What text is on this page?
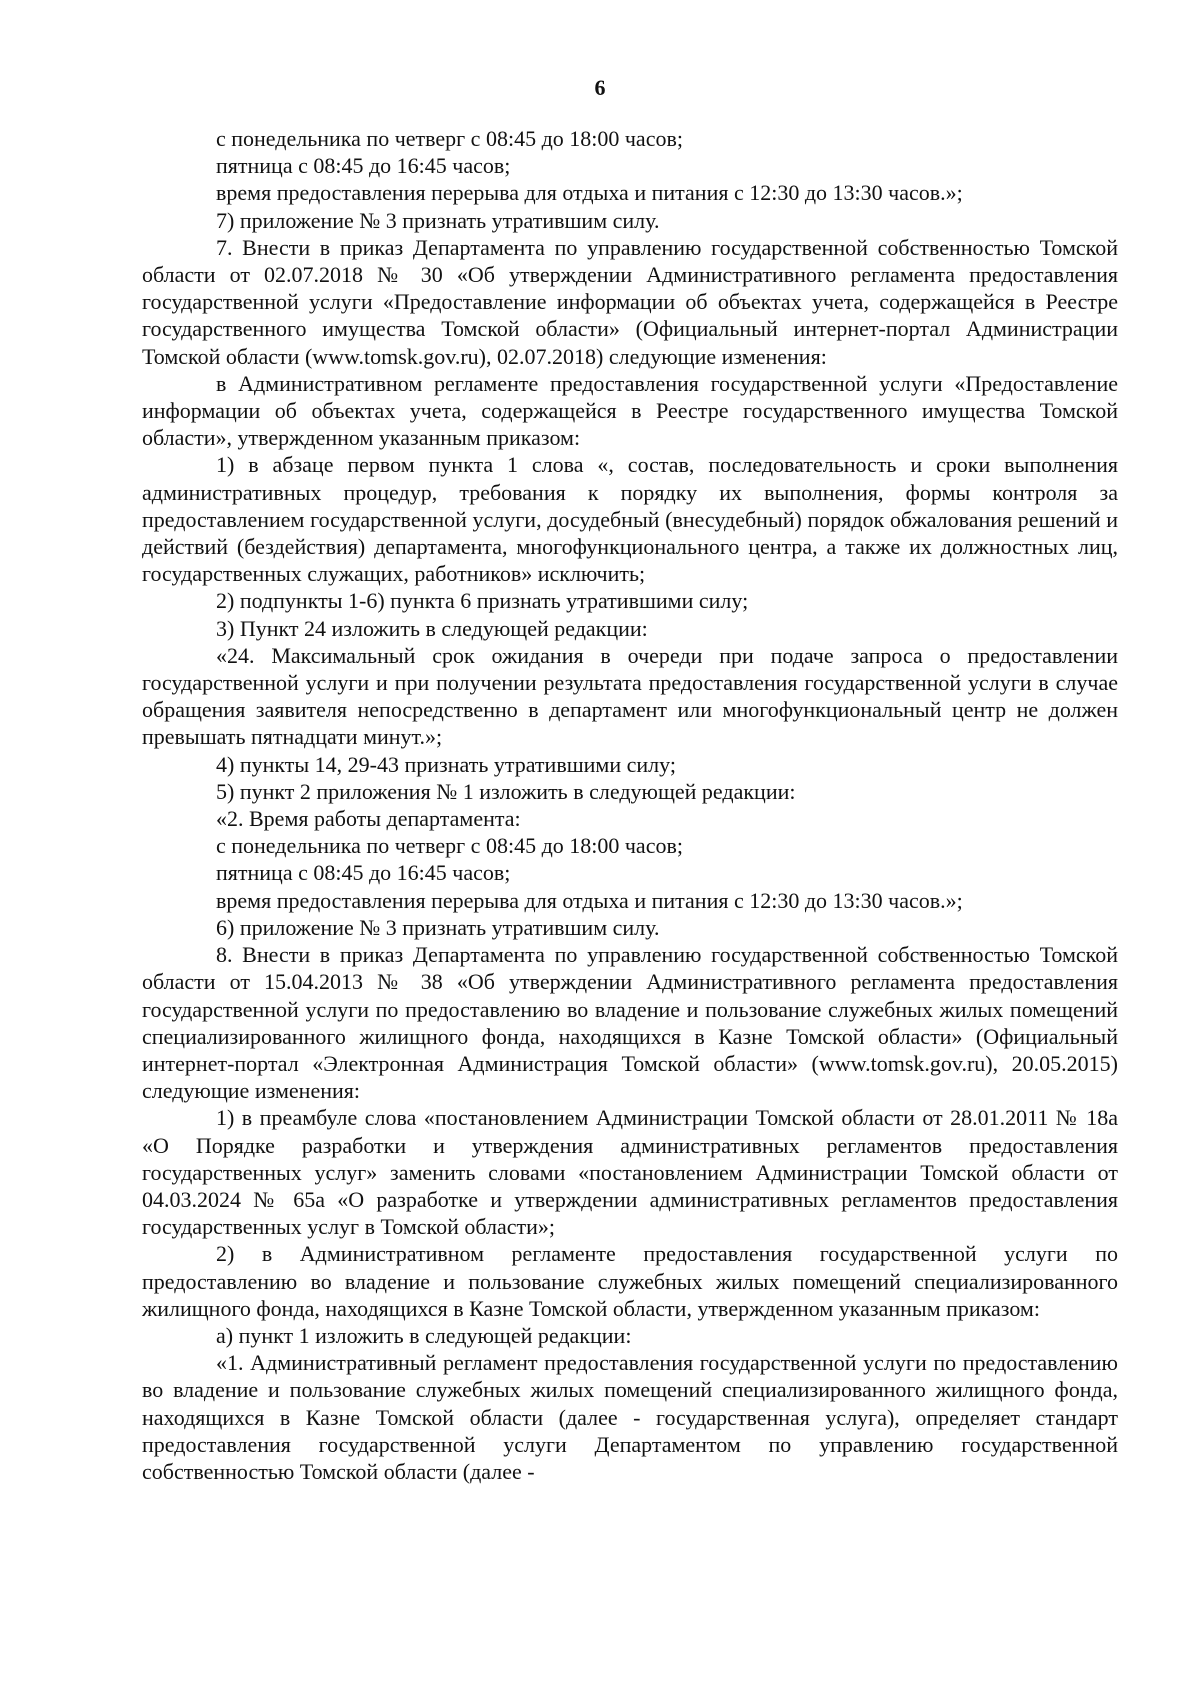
6

с понедельника по четверг с 08:45 до 18:00 часов;

пятница с 08:45 до 16:45 часов;

время предоставления перерыва для отдыха и питания с 12:30 до 13:30 часов.»;

7) приложение № 3 признать утратившим силу.

7. Внести в приказ Департамента по управлению государственной собственностью Томской области от 02.07.2018 № 30 «Об утверждении Административного регламента предоставления государственной услуги «Предоставление информации об объектах учета, содержащейся в Реестре государственного имущества Томской области» (Официальный интернет-портал Администрации Томской области (www.tomsk.gov.ru), 02.07.2018) следующие изменения:

в Административном регламенте предоставления государственной услуги «Предоставление информации об объектах учета, содержащейся в Реестре государственного имущества Томской области», утвержденном указанным приказом:

1) в абзаце первом пункта 1 слова «, состав, последовательность и сроки выполнения административных процедур, требования к порядку их выполнения, формы контроля за предоставлением государственной услуги, досудебный (внесудебный) порядок обжалования решений и действий (бездействия) департамента, многофункционального центра, а также их должностных лиц, государственных служащих, работников» исключить;

2) подпункты 1-6) пункта 6 признать утратившими силу;

3) Пункт 24 изложить в следующей редакции:

«24. Максимальный срок ожидания в очереди при подаче запроса о предоставлении государственной услуги и при получении результата предоставления государственной услуги в случае обращения заявителя непосредственно в департамент или многофункциональный центр не должен превышать пятнадцати минут.»;

4) пункты 14, 29-43 признать утратившими силу;

5) пункт 2 приложения № 1 изложить в следующей редакции:

«2. Время работы департамента:

с понедельника по четверг с 08:45 до 18:00 часов;

пятница с 08:45 до 16:45 часов;

время предоставления перерыва для отдыха и питания с 12:30 до 13:30 часов.»;

6) приложение № 3 признать утратившим силу.

8. Внести в приказ Департамента по управлению государственной собственностью Томской области от 15.04.2013 № 38 «Об утверждении Административного регламента предоставления государственной услуги по предоставлению во владение и пользование служебных жилых помещений специализированного жилищного фонда, находящихся в Казне Томской области» (Официальный интернет-портал «Электронная Администрация Томской области» (www.tomsk.gov.ru), 20.05.2015) следующие изменения:

1) в преамбуле слова «постановлением Администрации Томской области от 28.01.2011 № 18а «О Порядке разработки и утверждения административных регламентов предоставления государственных услуг» заменить словами «постановлением Администрации Томской области от 04.03.2024 № 65а «О разработке и утверждении административных регламентов предоставления государственных услуг в Томской области»;

2) в Административном регламенте предоставления государственной услуги по предоставлению во владение и пользование служебных жилых помещений специализированного жилищного фонда, находящихся в Казне Томской области, утвержденном указанным приказом:

а) пункт 1 изложить в следующей редакции:

«1. Административный регламент предоставления государственной услуги по предоставлению во владение и пользование служебных жилых помещений специализированного жилищного фонда, находящихся в Казне Томской области (далее - государственная услуга), определяет стандарт предоставления государственной услуги Департаментом по управлению государственной собственностью Томской области (далее -
